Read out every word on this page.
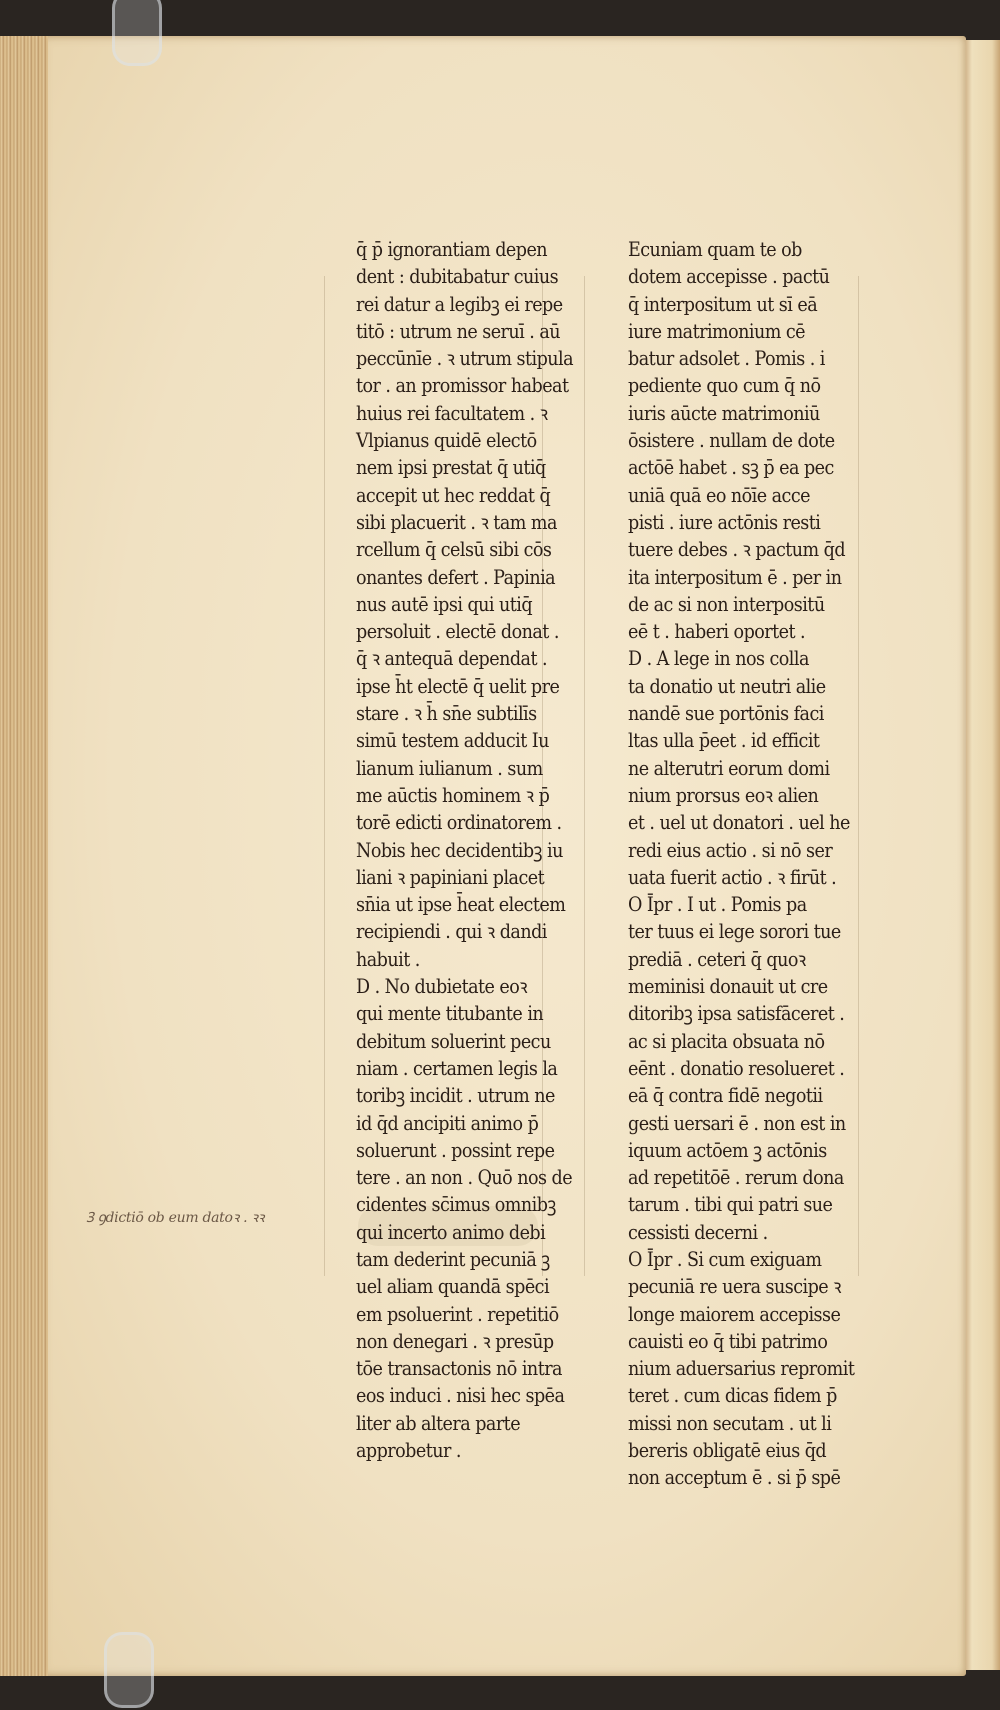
q̄ p̄ ignorantiam depen
dent : dubitabatur cuius
rei datur a legibꝫ ei repe
titō : utrum ne seruī . aū
peccūnīe . ꝛ utrum stipula
tor . an promissor habeat
huius rei facultatem . ꝛ
Vlpianus quidē electō
nem ipsi prestat q̄ utiq̄
accepit ut hec reddat q̄
sibi placuerit . ꝛ tam ma
rcellum q̄ celsū sibi cōs
onantes defert . Papinia
nus autē ipsi qui utiq̄
persoluit . electē donat .
q̄ ꝛ antequā dependat .
ipse h̄t electē q̄ uelit pre
stare . ꝛ h̄ sn̄e subtilīs
simū testem adducit Iu
lianum iulianum . sum
me aūctis hominem ꝛ p̄
torē edicti ordinatorem .
Nobis hec decidentibꝫ iu
liani ꝛ papiniani placet
sn̄ia ut ipse h̄eat electem
recipiendi . qui ꝛ dandi
habuit .
D . No dubietate eoꝛ
qui mente titubante in
debitum soluerint pecu
niam . certamen legis la
toribꝫ incidit . utrum ne
id q̄d ancipiti animo p̄
soluerunt . possint repe
tere . an non . Quō nos de
cidentes sc̄imus omnibꝫ
qui incerto animo debi
tam dederint pecuniā ꝫ
uel aliam quandā spēci
em psoluerint . repetitiō
non denegari . ꝛ presūp
tōe transactonis nō intra
eos induci . nisi hec spēa
liter ab altera parte
approbetur .
Ecuniam quam te ob
dotem accepisse . pactū
q̄ interpositum ut sī eā
iure matrimonium cē
batur adsolet . Pomis . i
pediente quo cum q̄ nō
iuris aūcte matrimoniū
ōsistere . nullam de dote
actōē habet . sꝫ p̄ ea pec
uniā quā eo nōīe acce
pisti . iure actōnis resti
tuere debes . ꝛ pactum q̄d
ita interpositum ē . per in
de ac si non interpositū
eē t . haberi oportet .
D . A lege in nos colla
ta donatio ut neutri alie
nandē sue portōnis faci
ltas ulla p̄eet . id efficit
ne alterutri eorum domi
nium prorsus eoꝛ alien
et . uel ut donatori . uel he
redi eius actio . si nō ser
uata fuerit actio . ꝛ firūt .
O Īpr . I ut . Pomis pa
ter tuus ei lege sorori tue
prediā . ceteri q̄ quoꝛ
meminisi donauit ut cre
ditoribꝫ ipsa satisfāceret .
ac si placita obsuata nō
eēnt . donatio resolueret .
eā q̄ contra fidē negotii
gesti uersari ē . non est in
iquum actōem ꝫ actōnis
ad repetitōē . rerum dona
tarum . tibi qui patri sue
cessisti decerni .
O Īpr . Si cum exiguam
pecuniā re uera suscipe ꝛ
longe maiorem accepisse
cauisti eo q̄ tibi patrimo
nium aduersarius repromit
teret . cum dicas fidem p̄
missi non secutam . ut li
bereris obligatē eius q̄d
non acceptum ē . si p̄ spē
Ꝫ ꝯdictiō ob eum datoꝛ . ꝛꝛ
